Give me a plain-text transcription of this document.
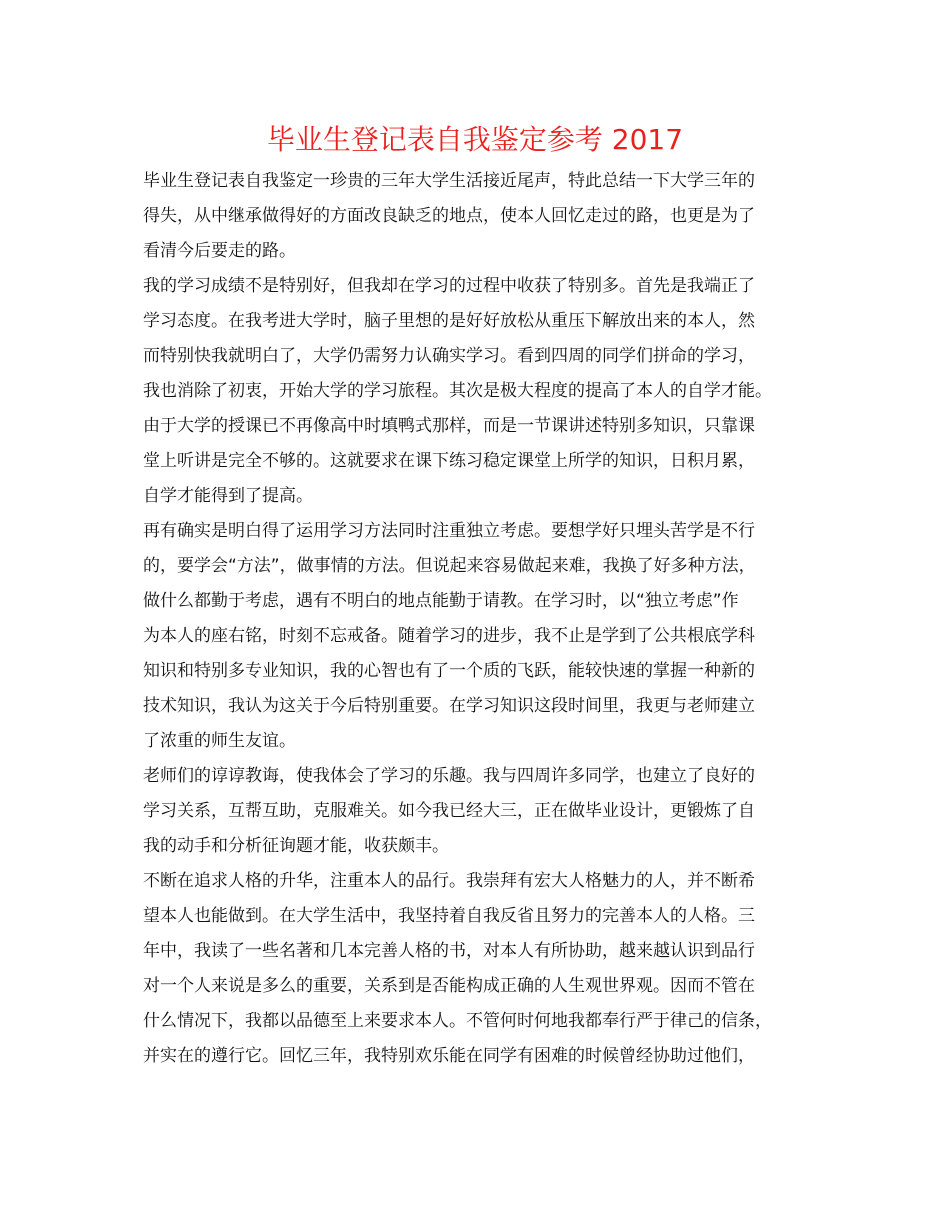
毕业生登记表自我鉴定参考 2017
毕业生登记表自我鉴定一珍贵的三年大学生活接近尾声，特此总结一下大学三年的
得失，从中继承做得好的方面改良缺乏的地点，使本人回忆走过的路，也更是为了
看清今后要走的路。
我的学习成绩不是特别好，但我却在学习的过程中收获了特别多。首先是我端正了
学习态度。在我考进大学时，脑子里想的是好好放松从重压下解放出来的本人，然
而特别快我就明白了，大学仍需努力认确实学习。看到四周的同学们拼命的学习，
我也消除了初衷，开始大学的学习旅程。其次是极大程度的提高了本人的自学才能。
由于大学的授课已不再像高中时填鸭式那样，而是一节课讲述特别多知识，只靠课
堂上听讲是完全不够的。这就要求在课下练习稳定课堂上所学的知识，日积月累，
自学才能得到了提高。
再有确实是明白得了运用学习方法同时注重独立考虑。要想学好只埋头苦学是不行
的，要学会“方法”，做事情的方法。但说起来容易做起来难，我换了好多种方法，
做什么都勤于考虑，遇有不明白的地点能勤于请教。在学习时，以“独立考虑”作
为本人的座右铭，时刻不忘戒备。随着学习的进步，我不止是学到了公共根底学科
知识和特别多专业知识，我的心智也有了一个质的飞跃，能较快速的掌握一种新的
技术知识，我认为这关于今后特别重要。在学习知识这段时间里，我更与老师建立
了浓重的师生友谊。
老师们的谆谆教诲，使我体会了学习的乐趣。我与四周许多同学，也建立了良好的
学习关系，互帮互助，克服难关。如今我已经大三，正在做毕业设计，更锻炼了自
我的动手和分析征询题才能，收获颇丰。
不断在追求人格的升华，注重本人的品行。我崇拜有宏大人格魅力的人，并不断希
望本人也能做到。在大学生活中，我坚持着自我反省且努力的完善本人的人格。三
年中，我读了一些名著和几本完善人格的书，对本人有所协助，越来越认识到品行
对一个人来说是多么的重要，关系到是否能构成正确的人生观世界观。因而不管在
什么情况下，我都以品德至上来要求本人。不管何时何地我都奉行严于律己的信条，
并实在的遵行它。回忆三年，我特别欢乐能在同学有困难的时候曾经协助过他们，
